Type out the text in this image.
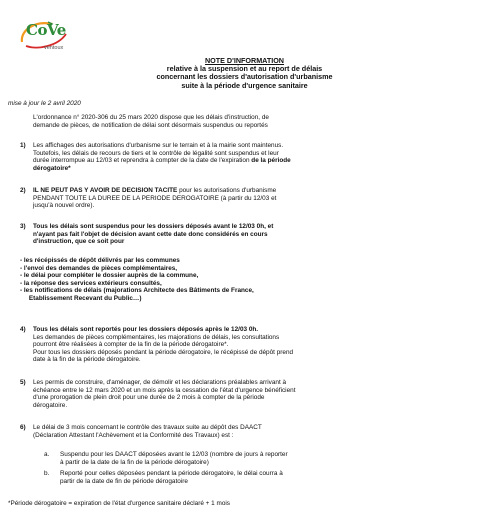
CoVe
ventoux
NOTE D'INFORMATION
relative à la suspension et au report de délais
concernant les dossiers d'autorisation d'urbanisme
suite à la période d'urgence sanitaire
mise à jour le 2 avril 2020
L'ordonnance n° 2020-306 du 25 mars 2020 dispose que les délais d'instruction, de
demande de pièces, de notification de délai sont désormais suspendus ou reportés
1) Les affichages des autorisations d'urbanisme sur le terrain et à la mairie sont maintenus.
Toutefois, les délais de recours de tiers et le contrôle de légalité sont suspendus et leur
durée interrompue au 12/03 et reprendra à compter de la date de l'expiration de la période
dérogatoire*
2) IL NE PEUT PAS Y AVOIR DE DECISION TACITE pour les autorisations d'urbanisme
PENDANT TOUTE LA DUREE DE LA PERIODE DEROGATOIRE (à partir du 12/03 et
jusqu'à nouvel ordre).
3) Tous les délais sont suspendus pour les dossiers déposés avant le 12/03 0h, et
n'ayant pas fait l'objet de décision avant cette date donc considérés en cours
d'instruction, que ce soit pour
- les récépissés de dépôt délivrés par les communes
- l'envoi des demandes de pièces complémentaires,
- le délai pour compléter le dossier auprès de la commune,
- la réponse des services extérieurs consultés,
- les notifications de délais (majorations Architecte des Bâtiments de France,
Etablissement Recevant du Public…)
4) Tous les délais sont reportés pour les dossiers déposés après le 12/03 0h.
Les demandes de pièces complémentaires, les majorations de délais, les consultations
pourront être réalisées à compter de la fin de la période dérogatoire*.
Pour tous les dossiers déposés pendant la période dérogatoire, le récépissé de dépôt prend
date à la fin de la période dérogatoire.
5) Les permis de construire, d'aménager, de démolir et les déclarations préalables arrivant à
échéance entre le 12 mars 2020 et un mois après la cessation de l'état d'urgence bénéficient
d'une prorogation de plein droit pour une durée de 2 mois à compter de la période
dérogatoire.
6) Le délai de 3 mois concernant le contrôle des travaux suite au dépôt des DAACT
(Déclaration Attestant l'Achèvement et la Conformité des Travaux) est :
a.	Suspendu pour les DAACT déposées avant le 12/03 (nombre de jours à reporter
à partir de la date de la fin de la période dérogatoire)
b.	Reporté pour celles déposées pendant la période dérogatoire, le délai courra à
partir de la date de fin de période dérogatoire
*Période dérogatoire = expiration de l'état d'urgence sanitaire déclaré + 1 mois
